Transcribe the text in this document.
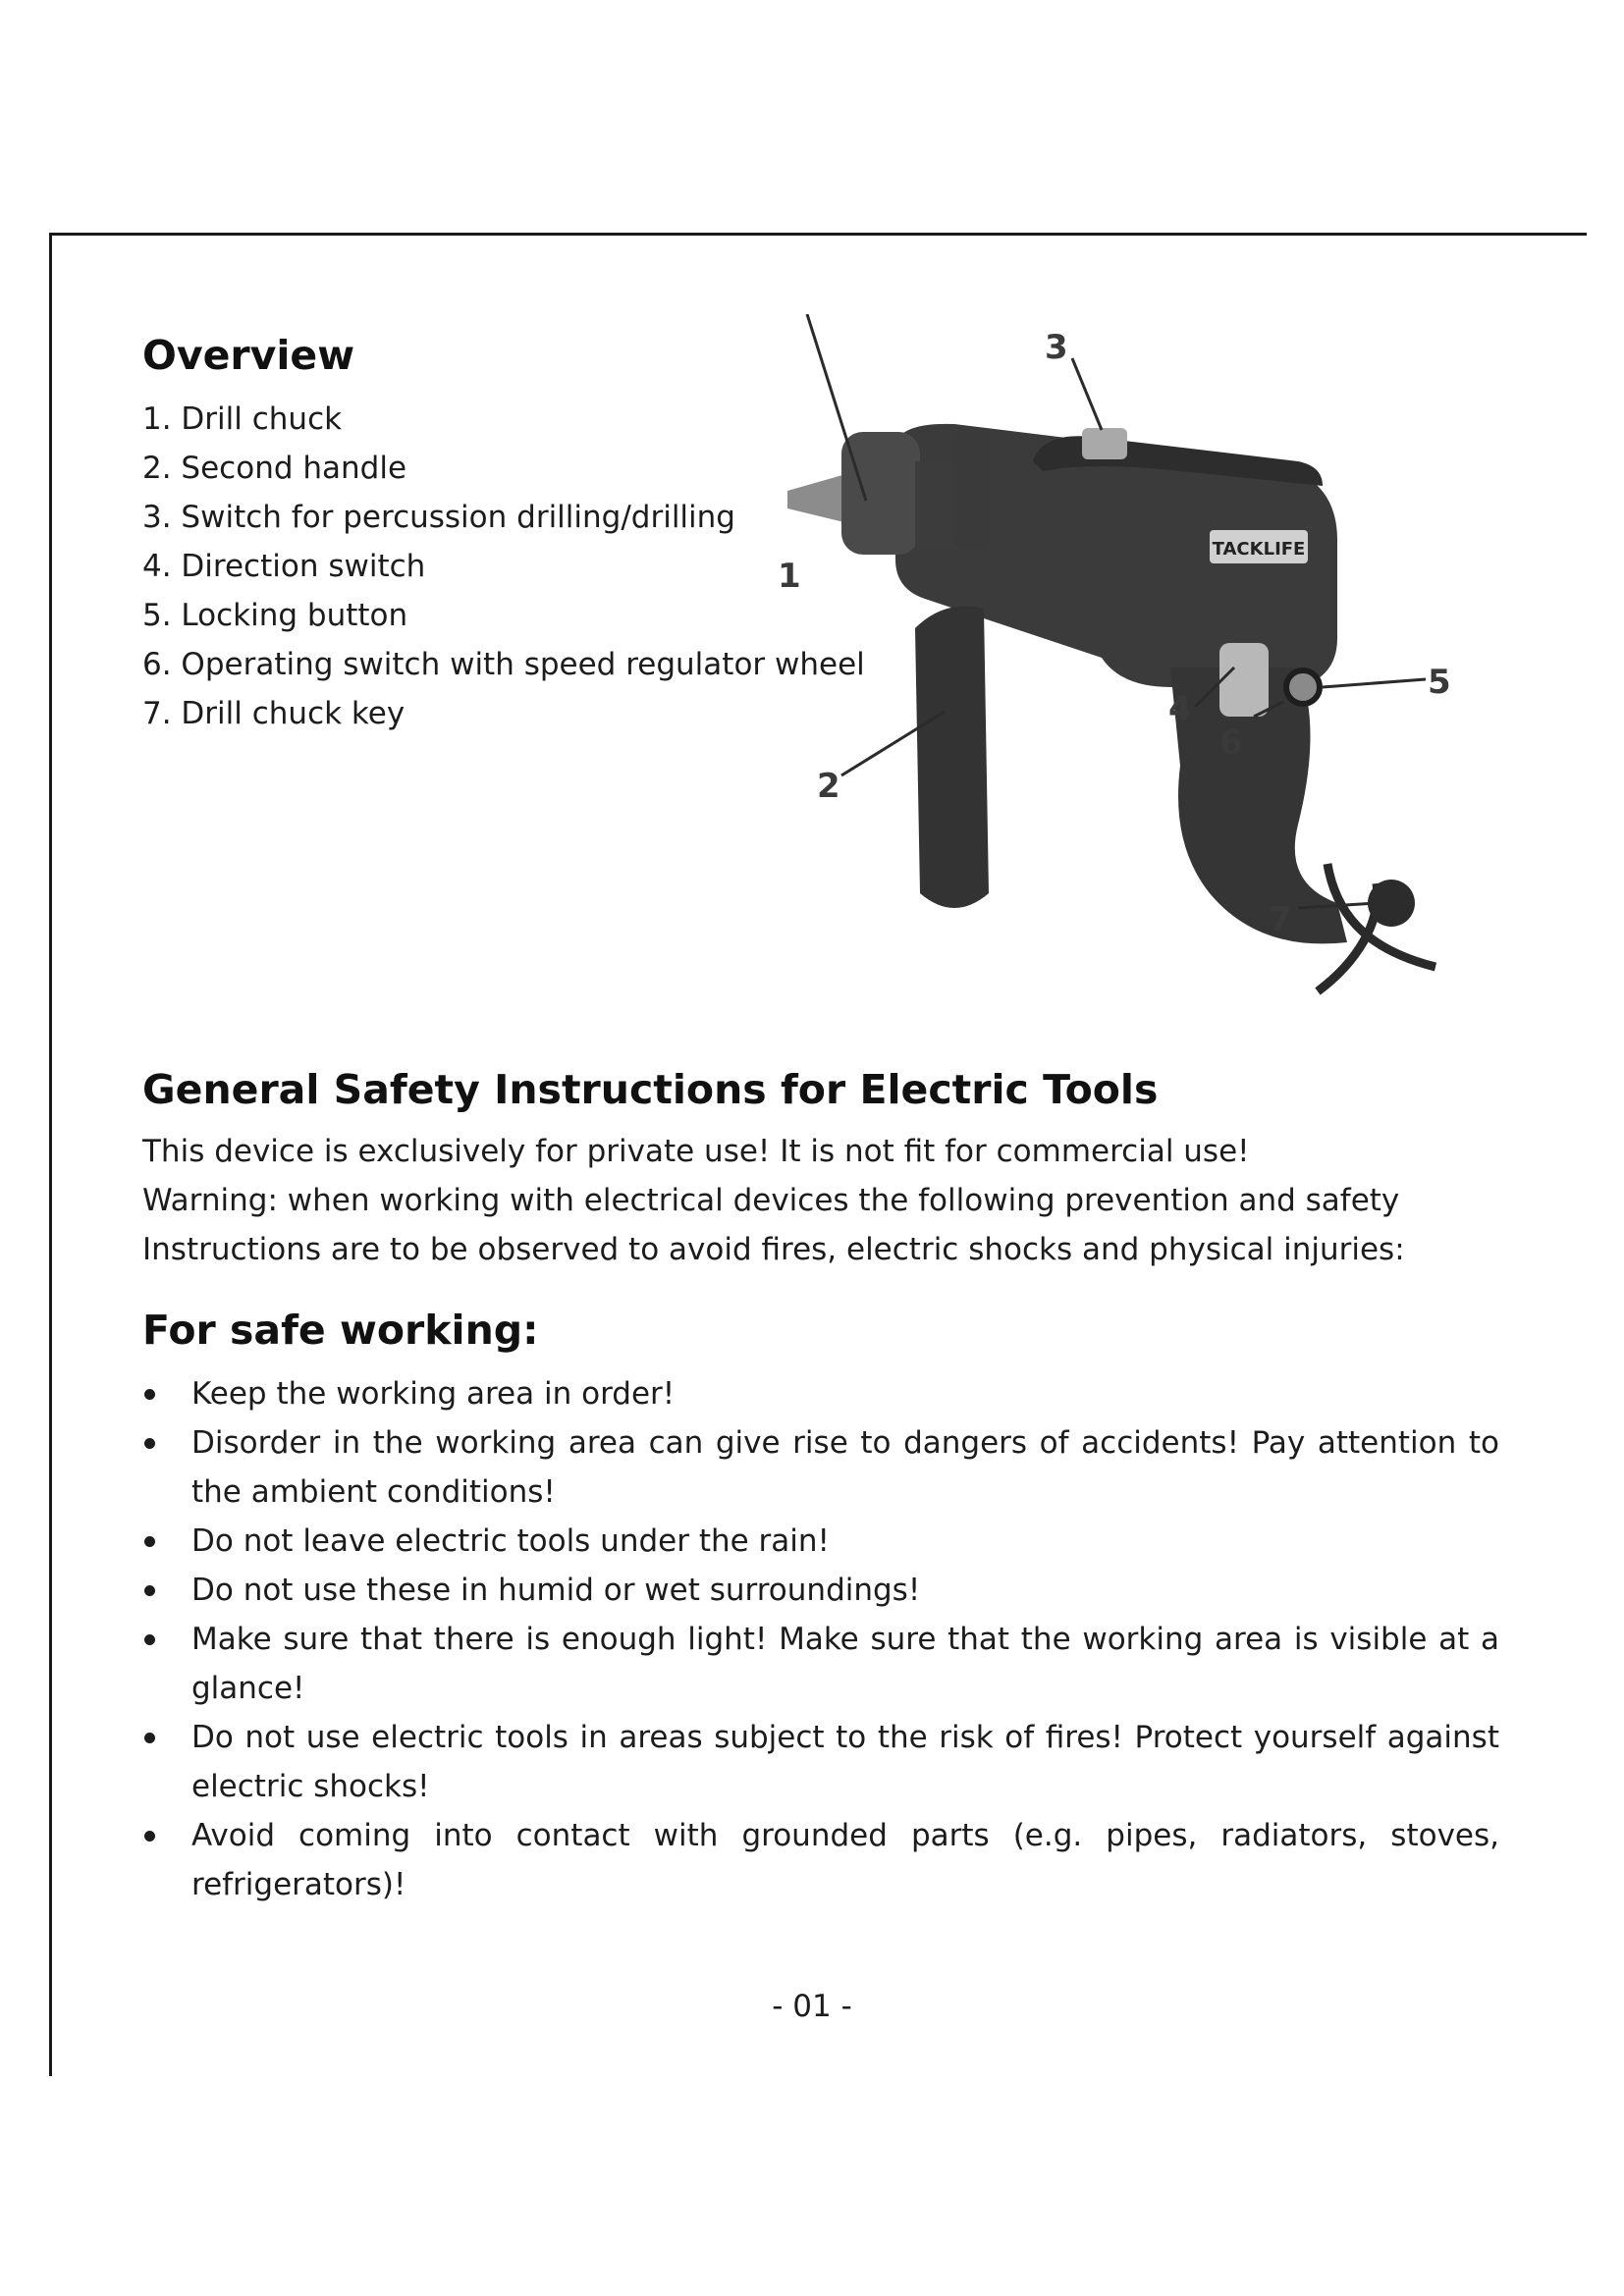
Overview
1. Drill chuck
2. Second handle
3. Switch for percussion drilling/drilling
4. Direction switch
5. Locking button
6. Operating switch with speed regulator wheel
7. Drill chuck key
TACKLIFE
1
2
3
4
5
6
7
General Safety Instructions for Electric Tools
This device is exclusively for private use! It is not fit for commercial use!
Warning: when working with electrical devices the following prevention and safety Instructions are to be observed to avoid fires, electric shocks and physical injuries:
For safe working:
Keep the working area in order!
Disorder in the working area can give rise to dangers of accidents! Pay attention to the ambient conditions!
Do not leave electric tools under the rain!
Do not use these in humid or wet surroundings!
Make sure that there is enough light! Make sure that the working area is visible at a glance!
Do not use electric tools in areas subject to the risk of fires! Protect yourself against electric shocks!
Avoid coming into contact with grounded parts (e.g. pipes, radiators, stoves, refrigerators)!
- 01 -
